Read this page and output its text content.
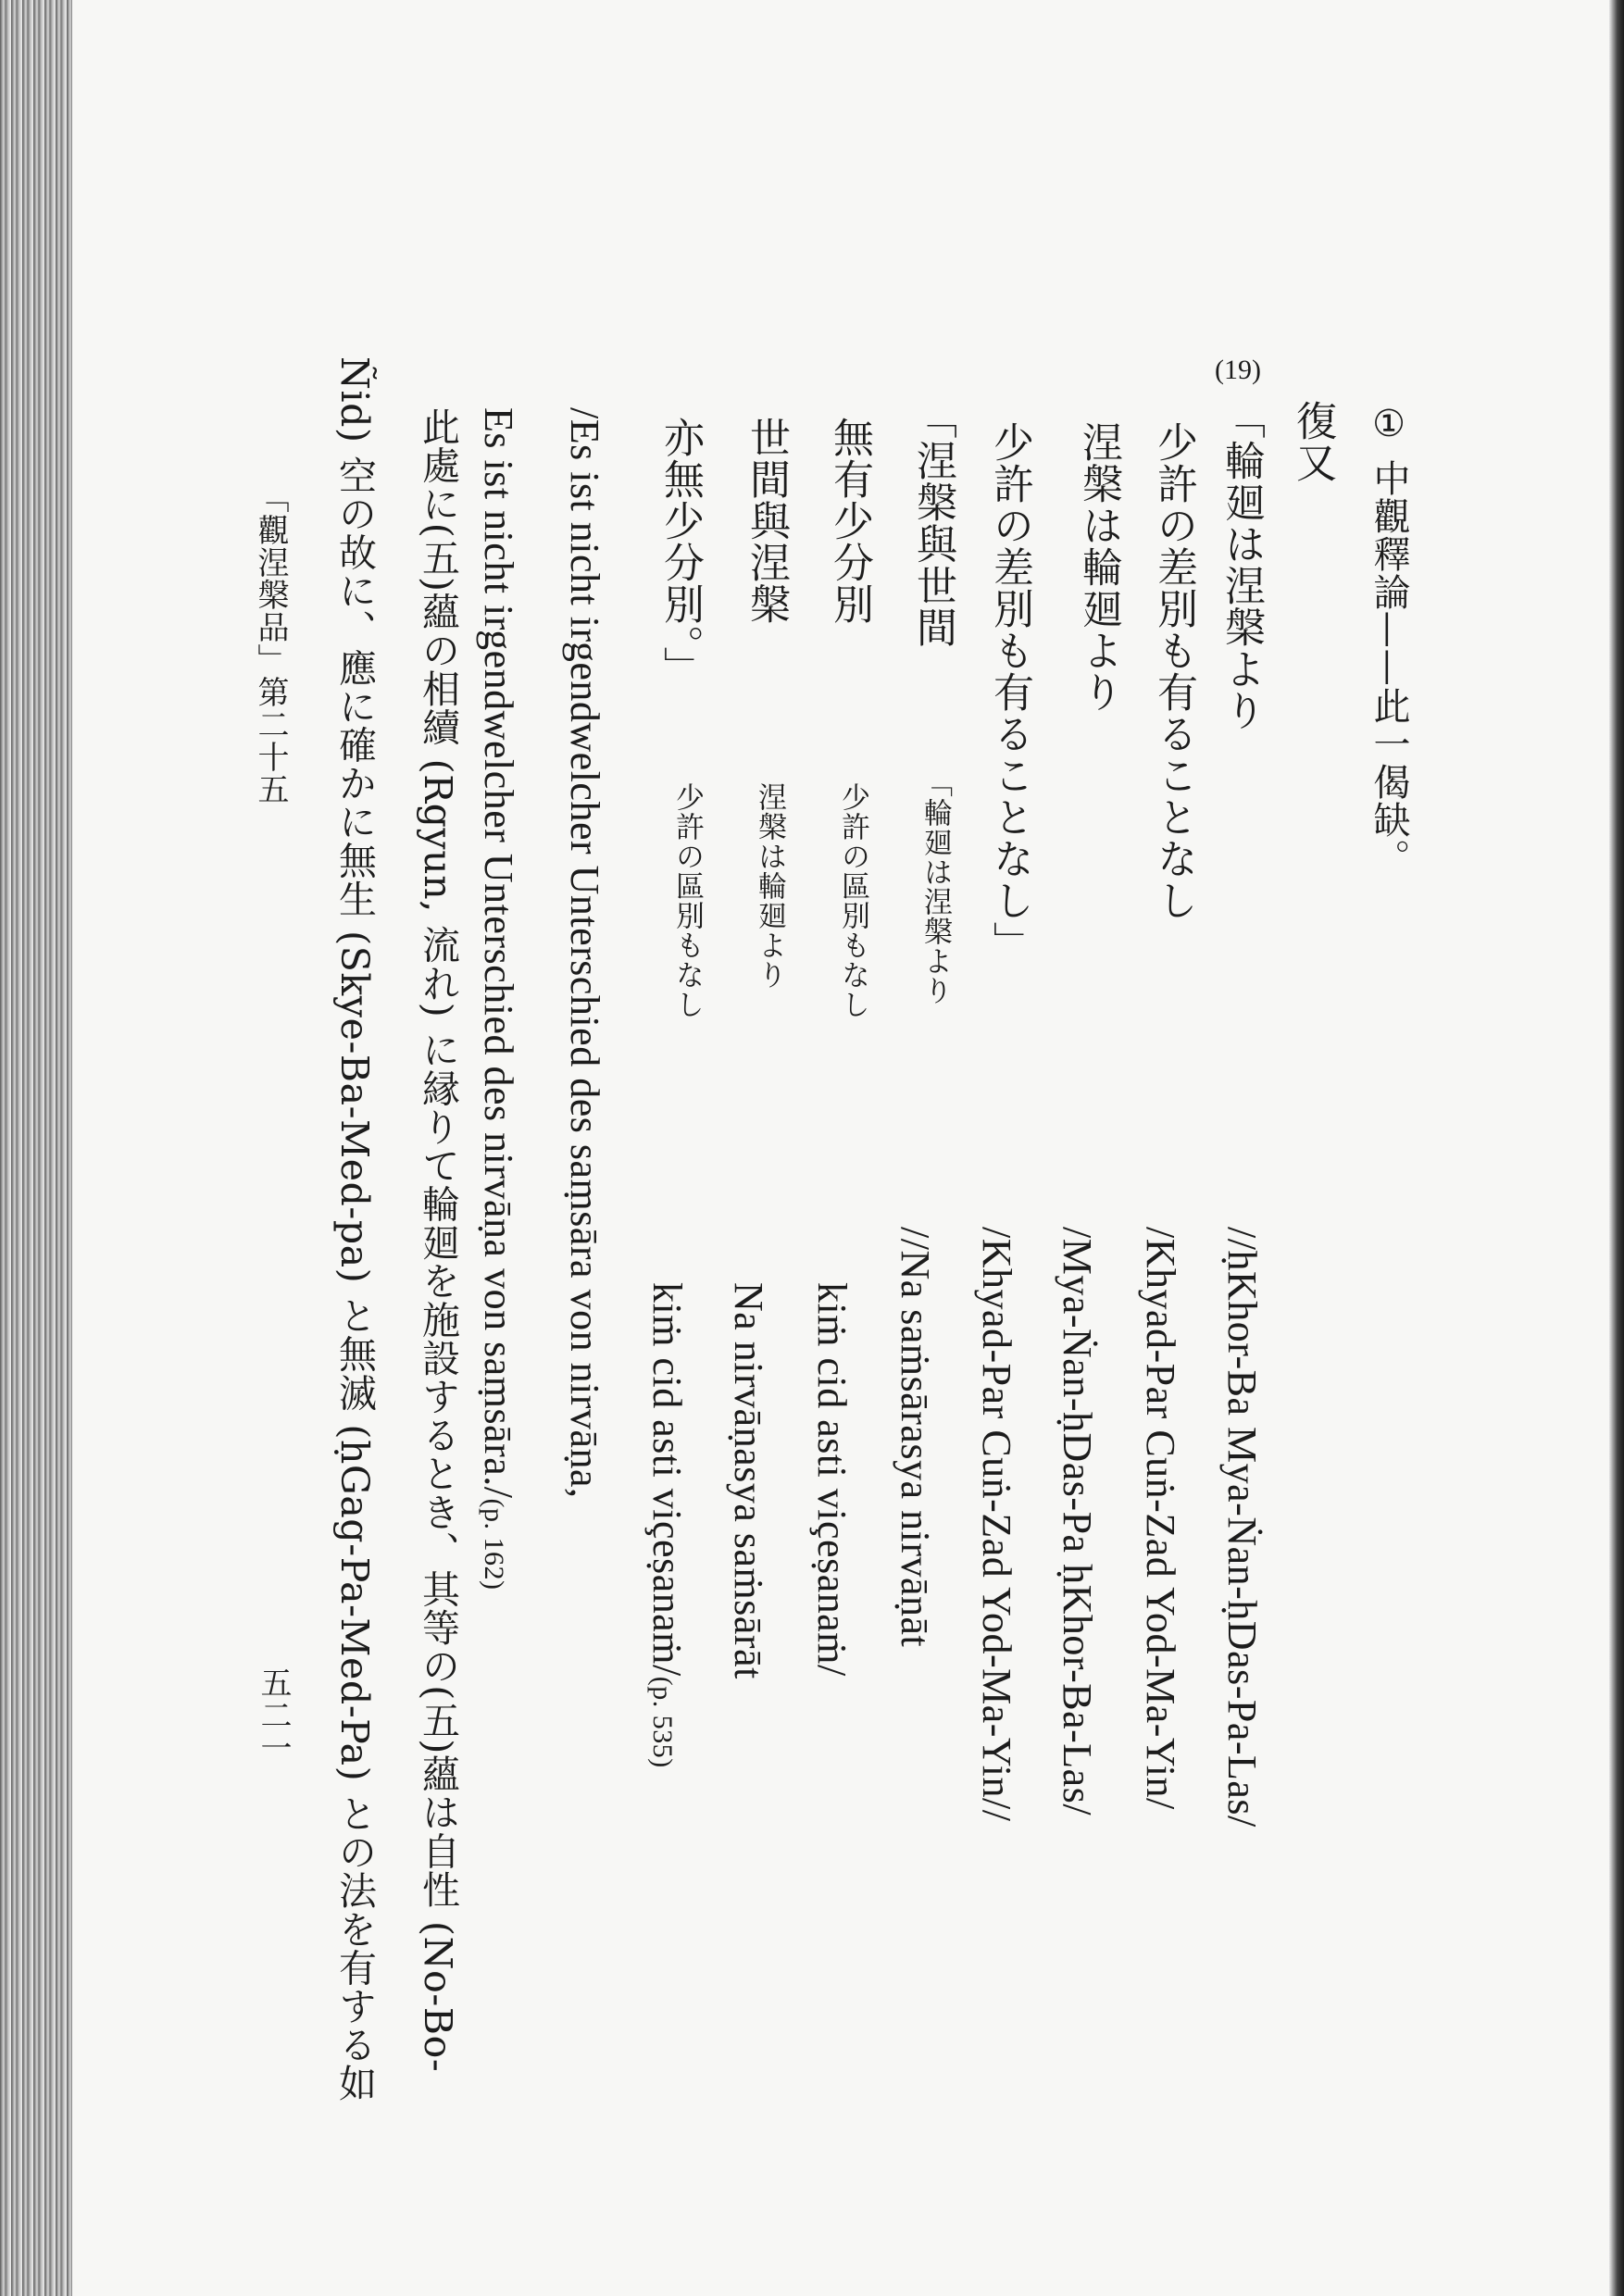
① 中觀釋論——此一偈缺。
復又
(19)
「輪廻は涅槃より
少許の差別も有ることなし
涅槃は輪廻より
少許の差別も有ることなし」
「涅槃與世間
無有少分別
世間與涅槃
亦無少分別。」
「輪廻は涅槃より
少許の區別もなし
涅槃は輪廻より
少許の區別もなし
//ḥKhor-Ba Mya-Ṅan-ḥDas-Pa-Las/
/Khyad-Par Cuṅ-Zad Yod-Ma-Yin/
/Mya-Ṅan-ḥDas-Pa ḥKhor-Ba-Las/
/Khyad-Par Cuṅ-Zad Yod-Ma-Yin//
//Na saṁsārasya nirvāṇāt
kiṁ cid asti viçeṣanaṁ/
Na nirvāṇasya saṁsārāt
kiṁ cid asti viçeṣanaṁ/(p. 535)
/Es ist nicht irgendwelcher Unterschied des saṃsāra von nirvāṇa,
Es ist nicht irgendwelcher Unterschied des nirvāṇa von saṃsāra./(p. 162)
此處に(五)蘊の相續 (Rgyun, 流れ) に縁りて輪廻を施設するとき、其等の(五)蘊は自性 (No-Bo-
Ñid) 空の故に、應に確かに無生 (Skye-Ba-Med-pa) と無滅 (ḥGag-Pa-Med-Pa) との法を有する如
「觀涅槃品」第二十五
五二一
